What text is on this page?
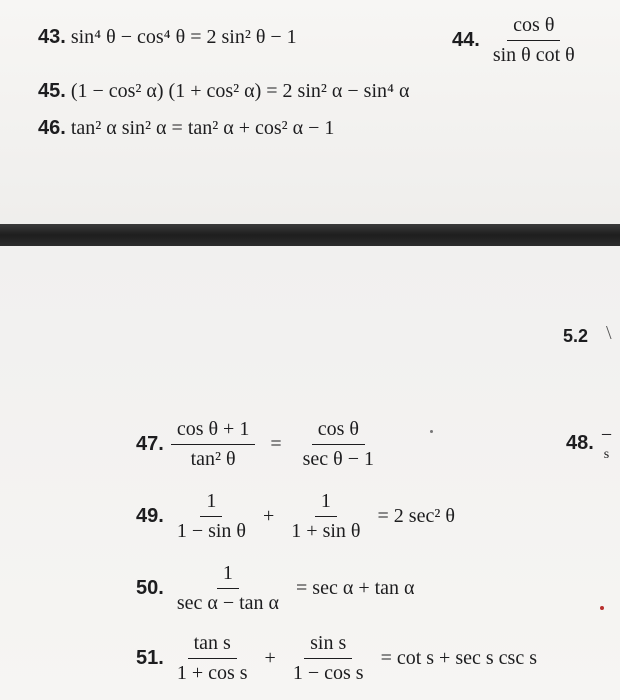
43. sin⁴ θ − cos⁴ θ = 2 sin² θ − 1	44. $\frac{\text{cos θ}}{\text{sin θ cot θ}}$
45. (1 − cos² α) (1 + cos² α) = 2 sin² α − sin⁴ α
46. tan² α sin² α = tan² α + cos² α − 1
5.2 \
47. $\frac{\text{cos θ + 1}}{\text{tan² θ}} = \frac{\text{cos θ}}{\text{sec θ − 1}}$	48. −
s
49. $\frac{1}{\text{1 − sin θ}} + \frac{1}{\text{1 + sin θ}} = 2$ sec² θ
50. $\frac{1}{\text{sec α − tan α}} = \sec \alpha + \tan \alpha$
51. $\frac{\text{tan s}}{\text{1 + cos s}} + \frac{\text{sin s}}{\text{1 − cos s}} = \cot s + \sec s$ csc s
